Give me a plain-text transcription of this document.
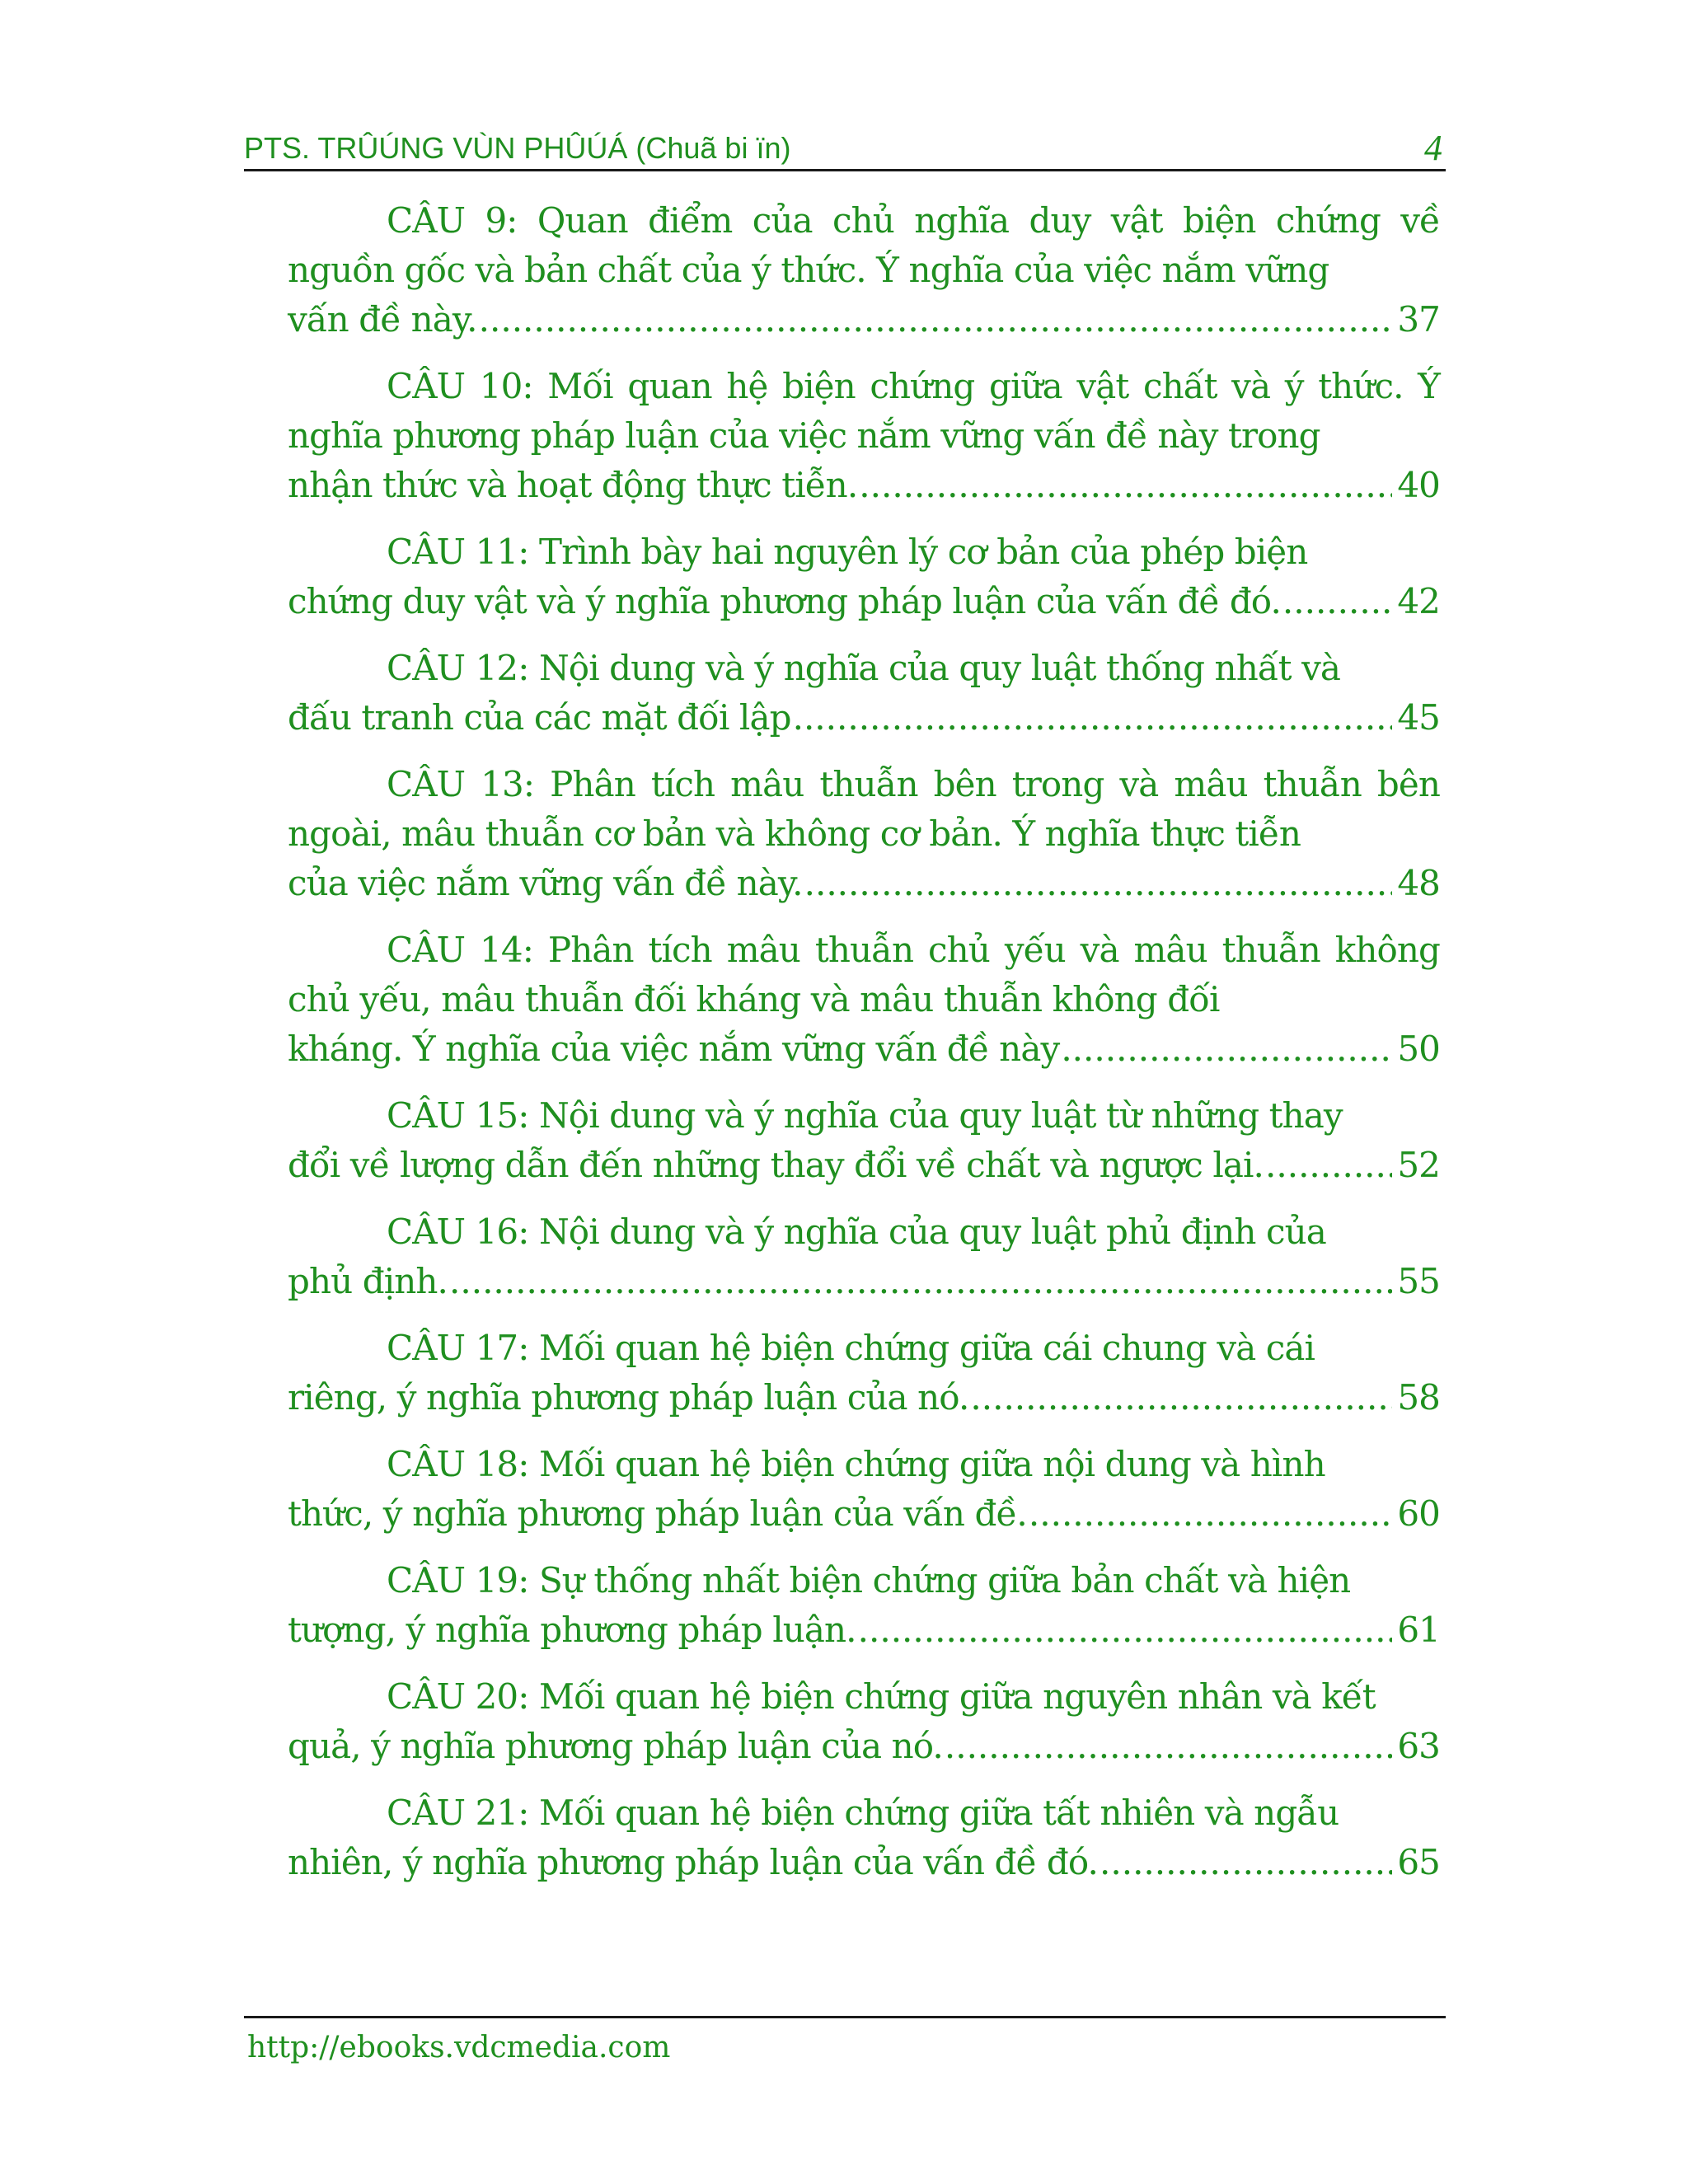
PTS. TRÛÚNG VÙN PHÛÚÁ (Chuã bi ïn)	4
CÂU 9: Quan điểm của chủ nghĩa duy vật biện chứng về nguồn gốc và bản chất của ý thức. Ý nghĩa của việc nắm vững
vấn đề này. .....	37
CÂU 10: Mối quan hệ biện chứng giữa vật chất và ý thức. Ý nghĩa phương pháp luận của việc nắm vững vấn đề này trong
nhận thức và hoạt động thực tiễn. .....	40
CÂU 11: Trình bày hai nguyên lý cơ bản của phép biện
chứng duy vật và ý nghĩa phương pháp luận của vấn đề đó. .....	42
CÂU 12: Nội dung và ý nghĩa của quy luật thống nhất và
đấu tranh của các mặt đối lập .....	45
CÂU 13: Phân tích mâu thuẫn bên trong và mâu thuẫn bên ngoài, mâu thuẫn cơ bản và không cơ bản. Ý nghĩa thực tiễn
của việc nắm vững vấn đề này. .....	48
CÂU 14: Phân tích mâu thuẫn chủ yếu và mâu thuẫn không chủ yếu, mâu thuẫn đối kháng và mâu thuẫn không đối
kháng. Ý nghĩa của việc nắm vững vấn đề này .....	50
CÂU 15: Nội dung và ý nghĩa của quy luật từ những thay
đổi về lượng dẫn đến những thay đổi về chất và ngược lại. .....	52
CÂU 16: Nội dung và ý nghĩa của quy luật phủ định của
phủ định. .....	55
CÂU 17: Mối quan hệ biện chứng giữa cái chung và cái
riêng, ý nghĩa phương pháp luận của nó. .....	58
CÂU 18: Mối quan hệ biện chứng giữa nội dung và hình
thức, ý nghĩa phương pháp luận của vấn đề. .....	60
CÂU 19: Sự thống nhất biện chứng giữa bản chất và hiện
tượng, ý nghĩa phương pháp luận. .....	61
CÂU 20: Mối quan hệ biện chứng giữa nguyên nhân và kết
quả, ý nghĩa phương pháp luận của nó. .....	63
CÂU 21: Mối quan hệ biện chứng giữa tất nhiên và ngẫu
nhiên, ý nghĩa phương pháp luận của vấn đề đó. .....	65
http://ebooks.vdcmedia.com
